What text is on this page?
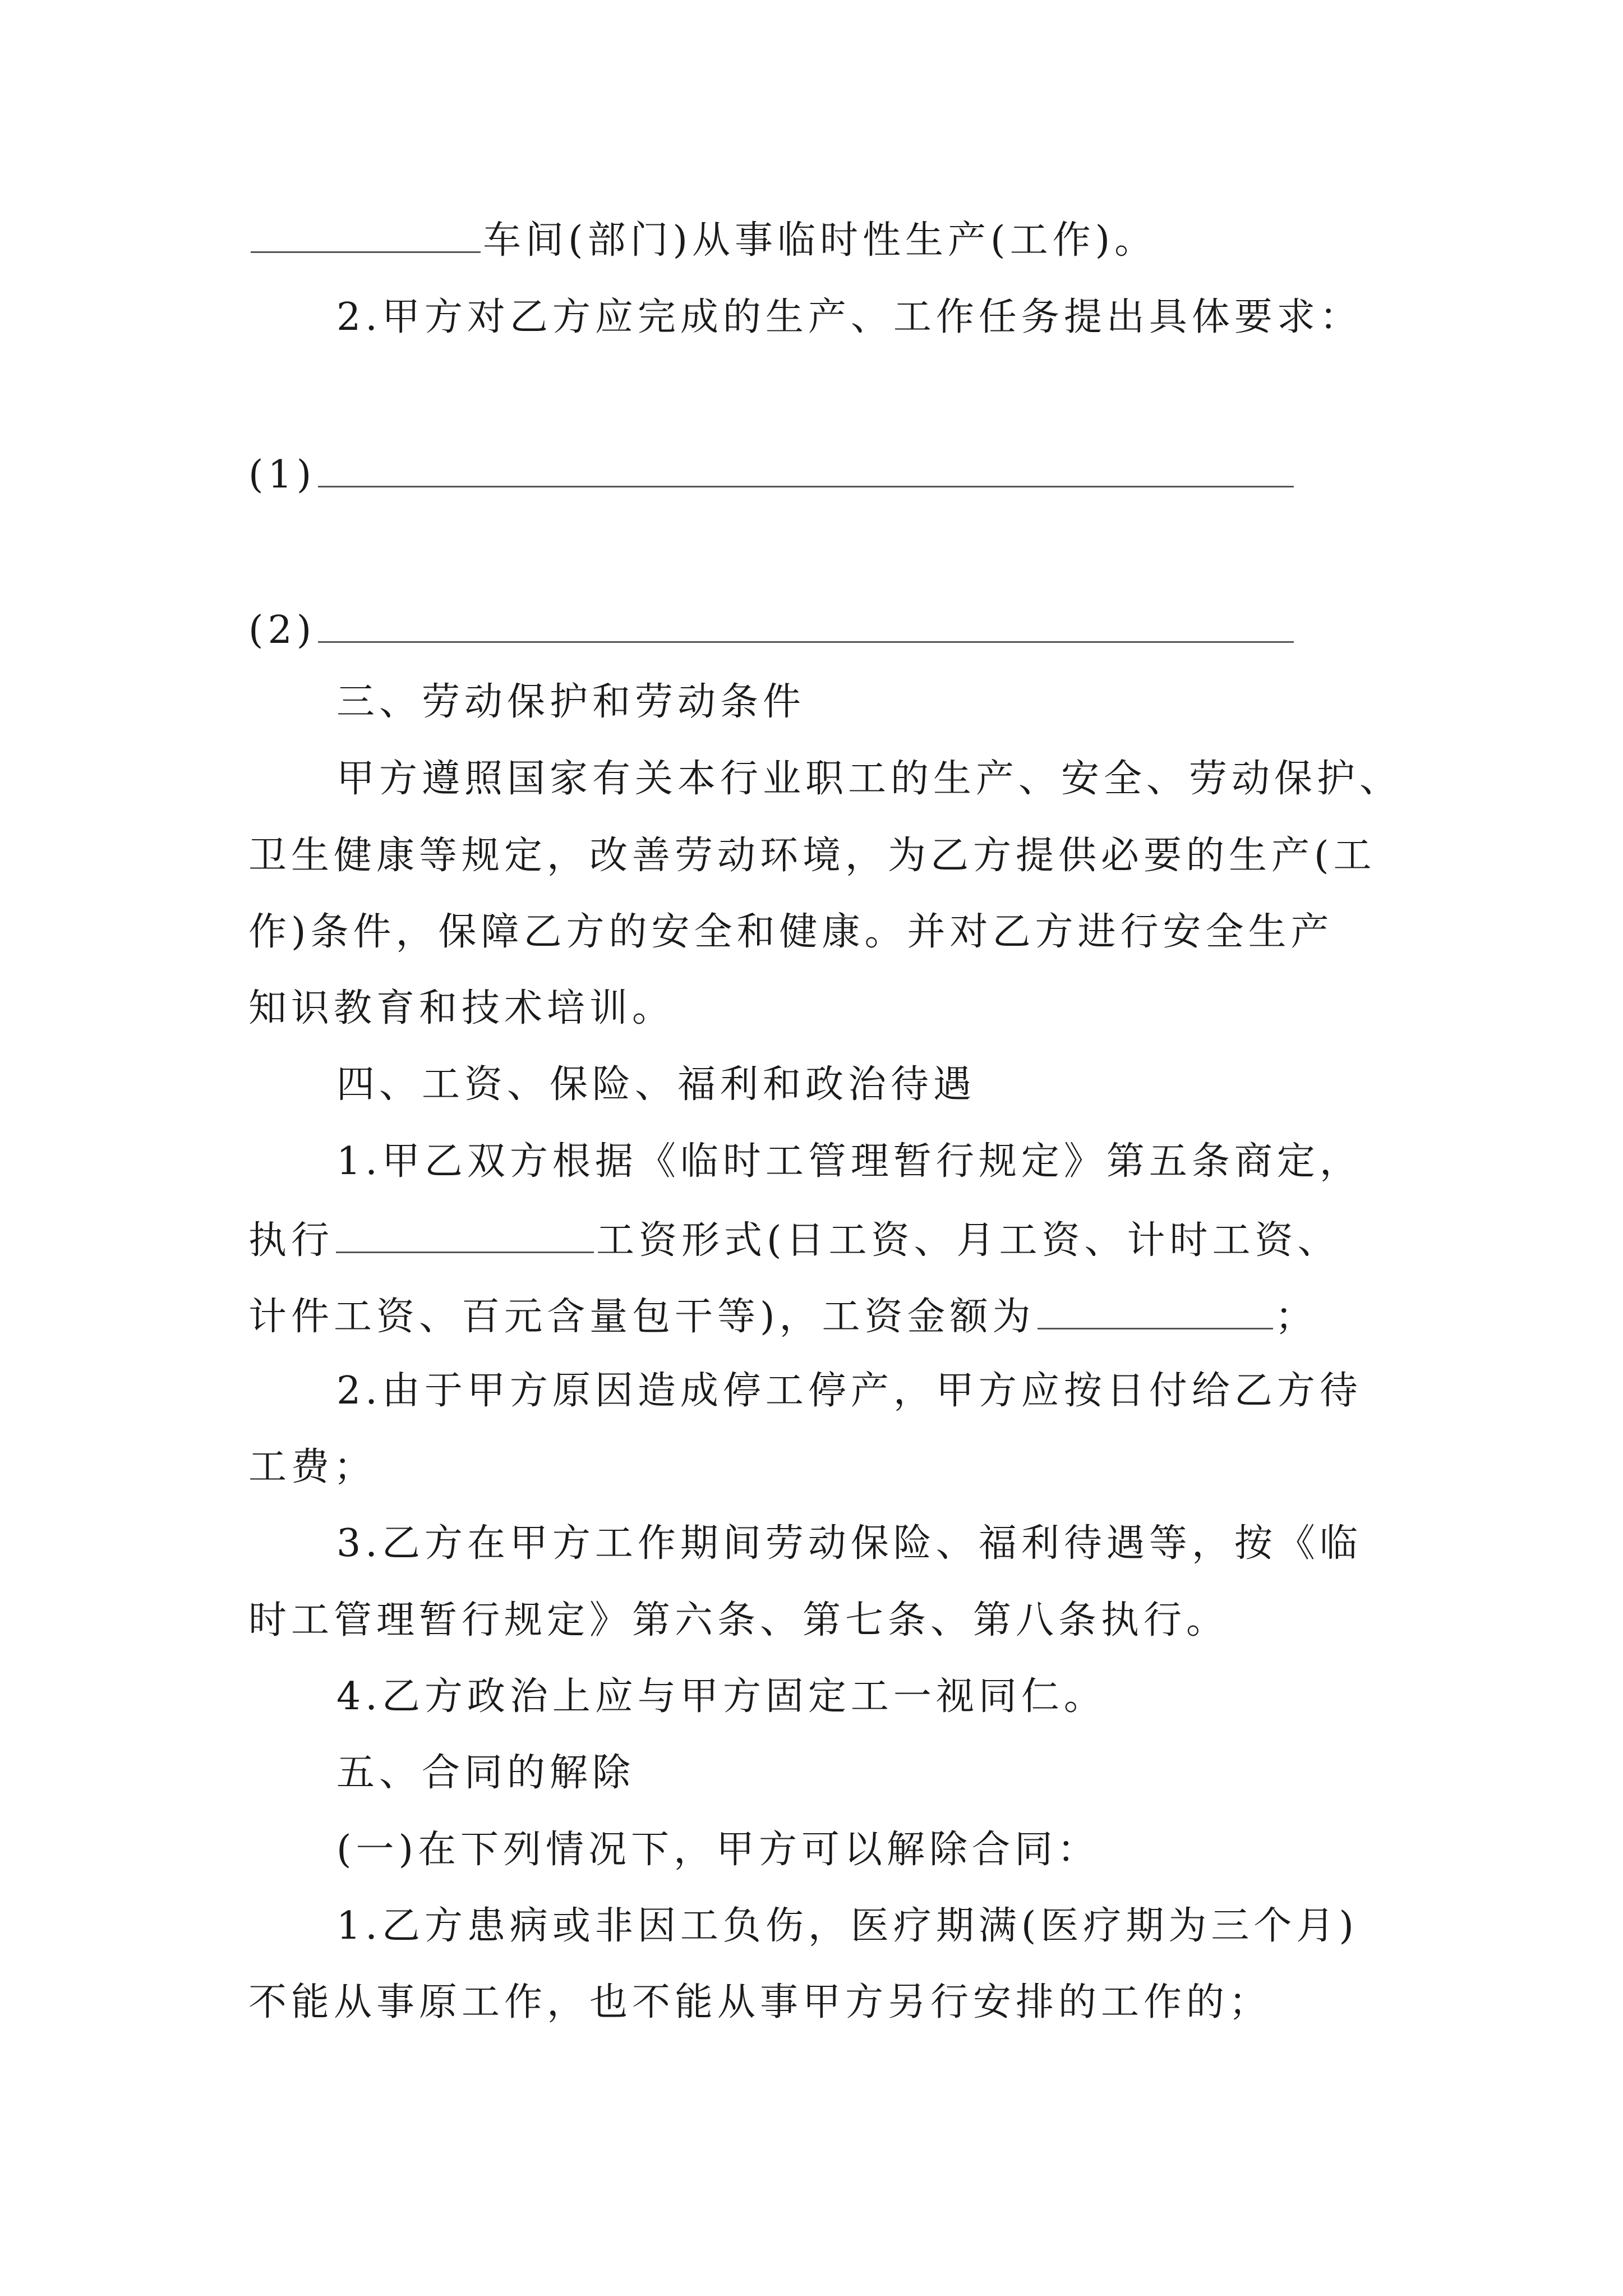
车间(部门)从事临时性生产(工作)。
2.甲方对乙方应完成的生产、工作任务提出具体要求：
(1)
(2)
三、劳动保护和劳动条件
甲方遵照国家有关本行业职工的生产、安全、劳动保护、
卫生健康等规定，改善劳动环境，为乙方提供必要的生产(工
作)条件，保障乙方的安全和健康。并对乙方进行安全生产
知识教育和技术培训。
四、工资、保险、福利和政治待遇
1.甲乙双方根据《临时工管理暂行规定》第五条商定，
执行	工资形式(日工资、月工资、计时工资、
计件工资、百元含量包干等)，工资金额为	；
2.由于甲方原因造成停工停产，甲方应按日付给乙方待
工费；
3.乙方在甲方工作期间劳动保险、福利待遇等，按《临
时工管理暂行规定》第六条、第七条、第八条执行。
4.乙方政治上应与甲方固定工一视同仁。
五、合同的解除
(一)在下列情况下，甲方可以解除合同：
1.乙方患病或非因工负伤，医疗期满(医疗期为三个月)
不能从事原工作，也不能从事甲方另行安排的工作的；
